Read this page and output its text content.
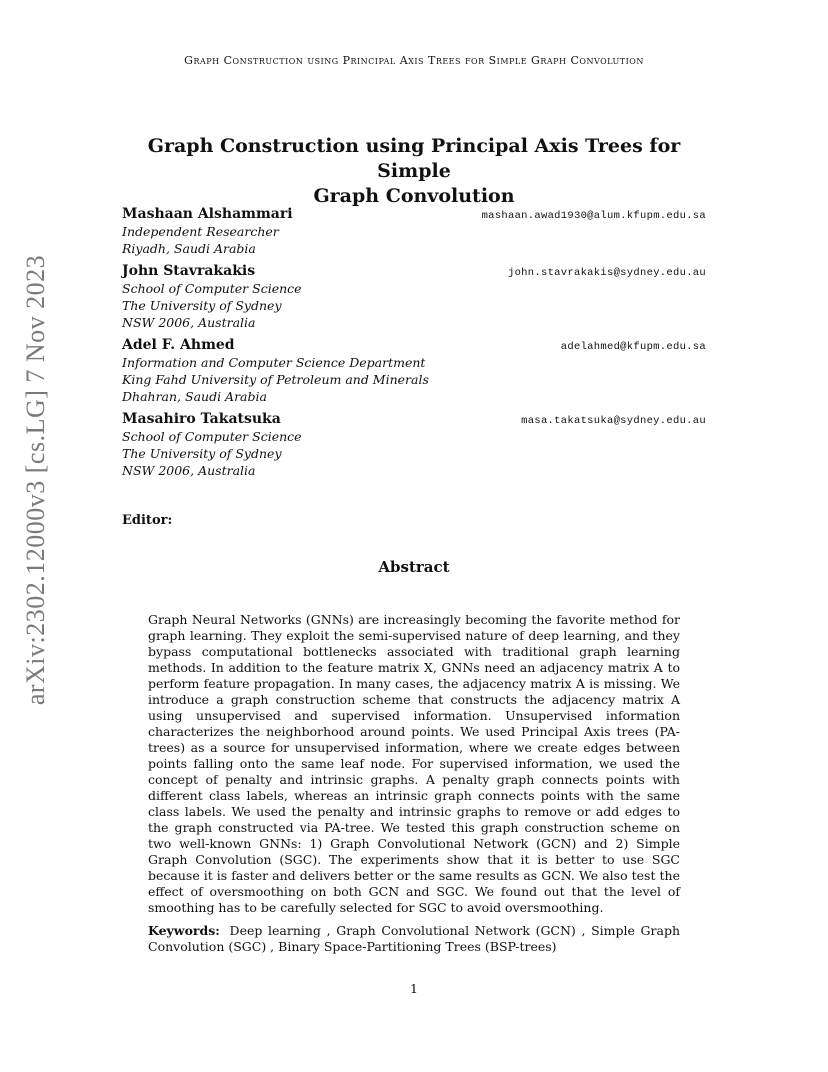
Graph Construction using Principal Axis Trees for Simple Graph Convolution
arXiv:2302.12000v3 [cs.LG] 7 Nov 2023
Graph Construction using Principal Axis Trees for Simple
Graph Convolution
Mashaan Alshammari	mashaan.awad1930@alum.kfupm.edu.sa
Independent Researcher
Riyadh, Saudi Arabia
John Stavrakakis	john.stavrakakis@sydney.edu.au
School of Computer Science
The University of Sydney
NSW 2006, Australia
Adel F. Ahmed	adelahmed@kfupm.edu.sa
Information and Computer Science Department
King Fahd University of Petroleum and Minerals
Dhahran, Saudi Arabia
Masahiro Takatsuka	masa.takatsuka@sydney.edu.au
School of Computer Science
The University of Sydney
NSW 2006, Australia
Editor:
Abstract
Graph Neural Networks (GNNs) are increasingly becoming the favorite method for graph learning. They exploit the semi-supervised nature of deep learning, and they bypass computational bottlenecks associated with traditional graph learning methods. In addition to the feature matrix X, GNNs need an adjacency matrix A to perform feature propagation. In many cases, the adjacency matrix A is missing. We introduce a graph construction scheme that constructs the adjacency matrix A using unsupervised and supervised information. Unsupervised information characterizes the neighborhood around points. We used Principal Axis trees (PA-trees) as a source for unsupervised information, where we create edges between points falling onto the same leaf node. For supervised information, we used the concept of penalty and intrinsic graphs. A penalty graph connects points with different class labels, whereas an intrinsic graph connects points with the same class labels. We used the penalty and intrinsic graphs to remove or add edges to the graph constructed via PA-tree. We tested this graph construction scheme on two well-known GNNs: 1) Graph Convolutional Network (GCN) and 2) Simple Graph Convolution (SGC). The experiments show that it is better to use SGC because it is faster and delivers better or the same results as GCN. We also test the effect of oversmoothing on both GCN and SGC. We found out that the level of smoothing has to be carefully selected for SGC to avoid oversmoothing.
Keywords: Deep learning , Graph Convolutional Network (GCN) , Simple Graph Convolution (SGC) , Binary Space-Partitioning Trees (BSP-trees)
1
